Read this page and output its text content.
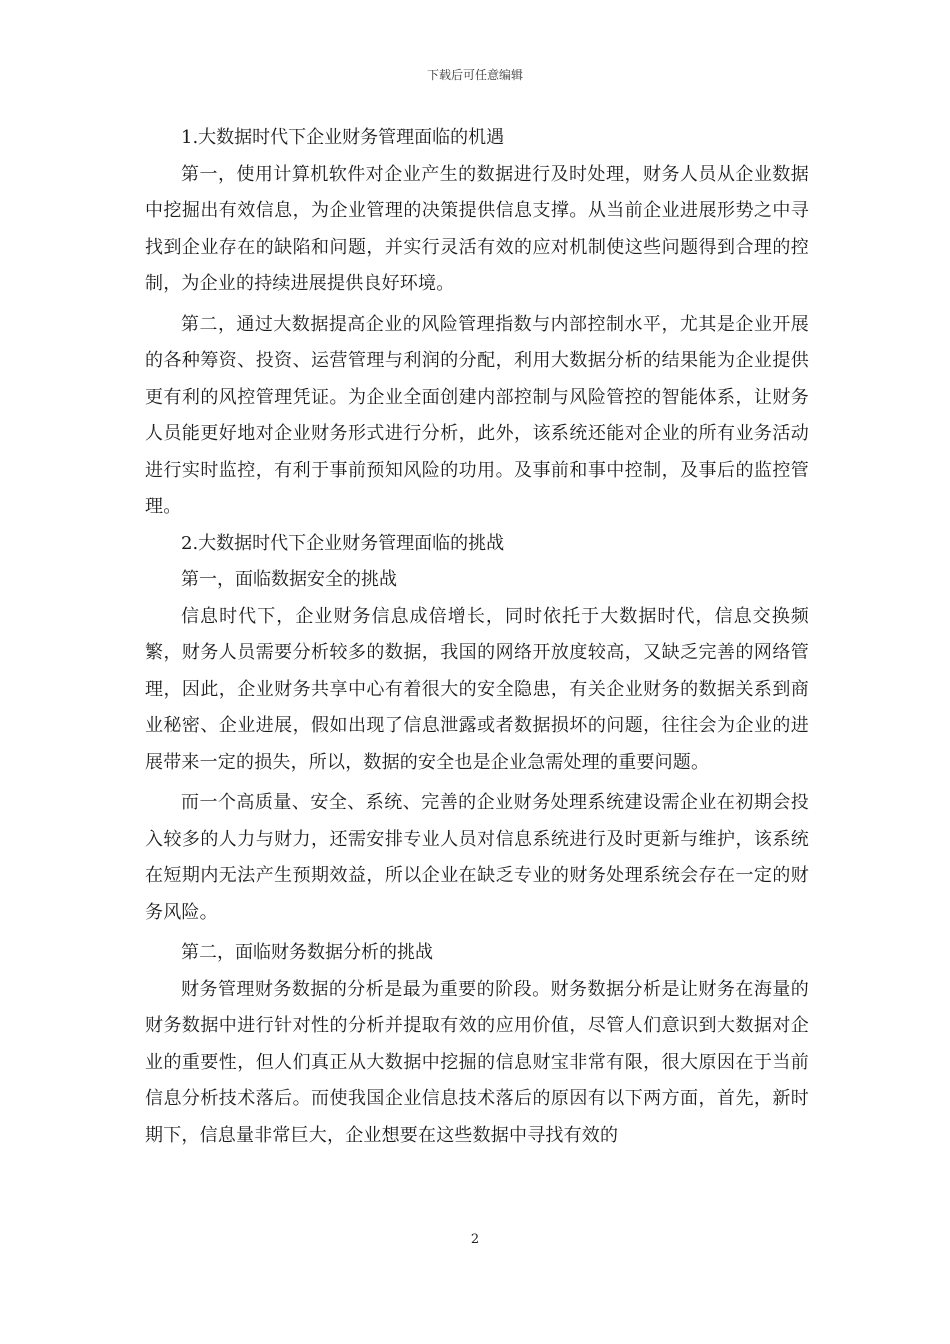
下载后可任意编辑

1.大数据时代下企业财务管理面临的机遇

第一，使用计算机软件对企业产生的数据进行及时处理，财务人员从企业数据中挖掘出有效信息，为企业管理的决策提供信息支撑。从当前企业进展形势之中寻找到企业存在的缺陷和问题，并实行灵活有效的应对机制使这些问题得到合理的控制，为企业的持续进展提供良好环境。

第二，通过大数据提高企业的风险管理指数与内部控制水平，尤其是企业开展的各种筹资、投资、运营管理与利润的分配，利用大数据分析的结果能为企业提供更有利的风控管理凭证。为企业全面创建内部控制与风险管控的智能体系，让财务人员能更好地对企业财务形式进行分析，此外，该系统还能对企业的所有业务活动进行实时监控，有利于事前预知风险的功用。及事前和事中控制，及事后的监控管理。

2.大数据时代下企业财务管理面临的挑战

第一，面临数据安全的挑战

信息时代下，企业财务信息成倍增长，同时依托于大数据时代，信息交换频繁，财务人员需要分析较多的数据，我国的网络开放度较高，又缺乏完善的网络管理，因此，企业财务共享中心有着很大的安全隐患，有关企业财务的数据关系到商业秘密、企业进展，假如出现了信息泄露或者数据损坏的问题，往往会为企业的进展带来一定的损失，所以，数据的安全也是企业急需处理的重要问题。

而一个高质量、安全、系统、完善的企业财务处理系统建设需企业在初期会投入较多的人力与财力，还需安排专业人员对信息系统进行及时更新与维护，该系统在短期内无法产生预期效益，所以企业在缺乏专业的财务处理系统会存在一定的财务风险。

第二，面临财务数据分析的挑战

财务管理财务数据的分析是最为重要的阶段。财务数据分析是让财务在海量的财务数据中进行针对性的分析并提取有效的应用价值，尽管人们意识到大数据对企业的重要性，但人们真正从大数据中挖掘的信息财宝非常有限，很大原因在于当前信息分析技术落后。而使我国企业信息技术落后的原因有以下两方面，首先，新时期下，信息量非常巨大，企业想要在这些数据中寻找有效的

2
